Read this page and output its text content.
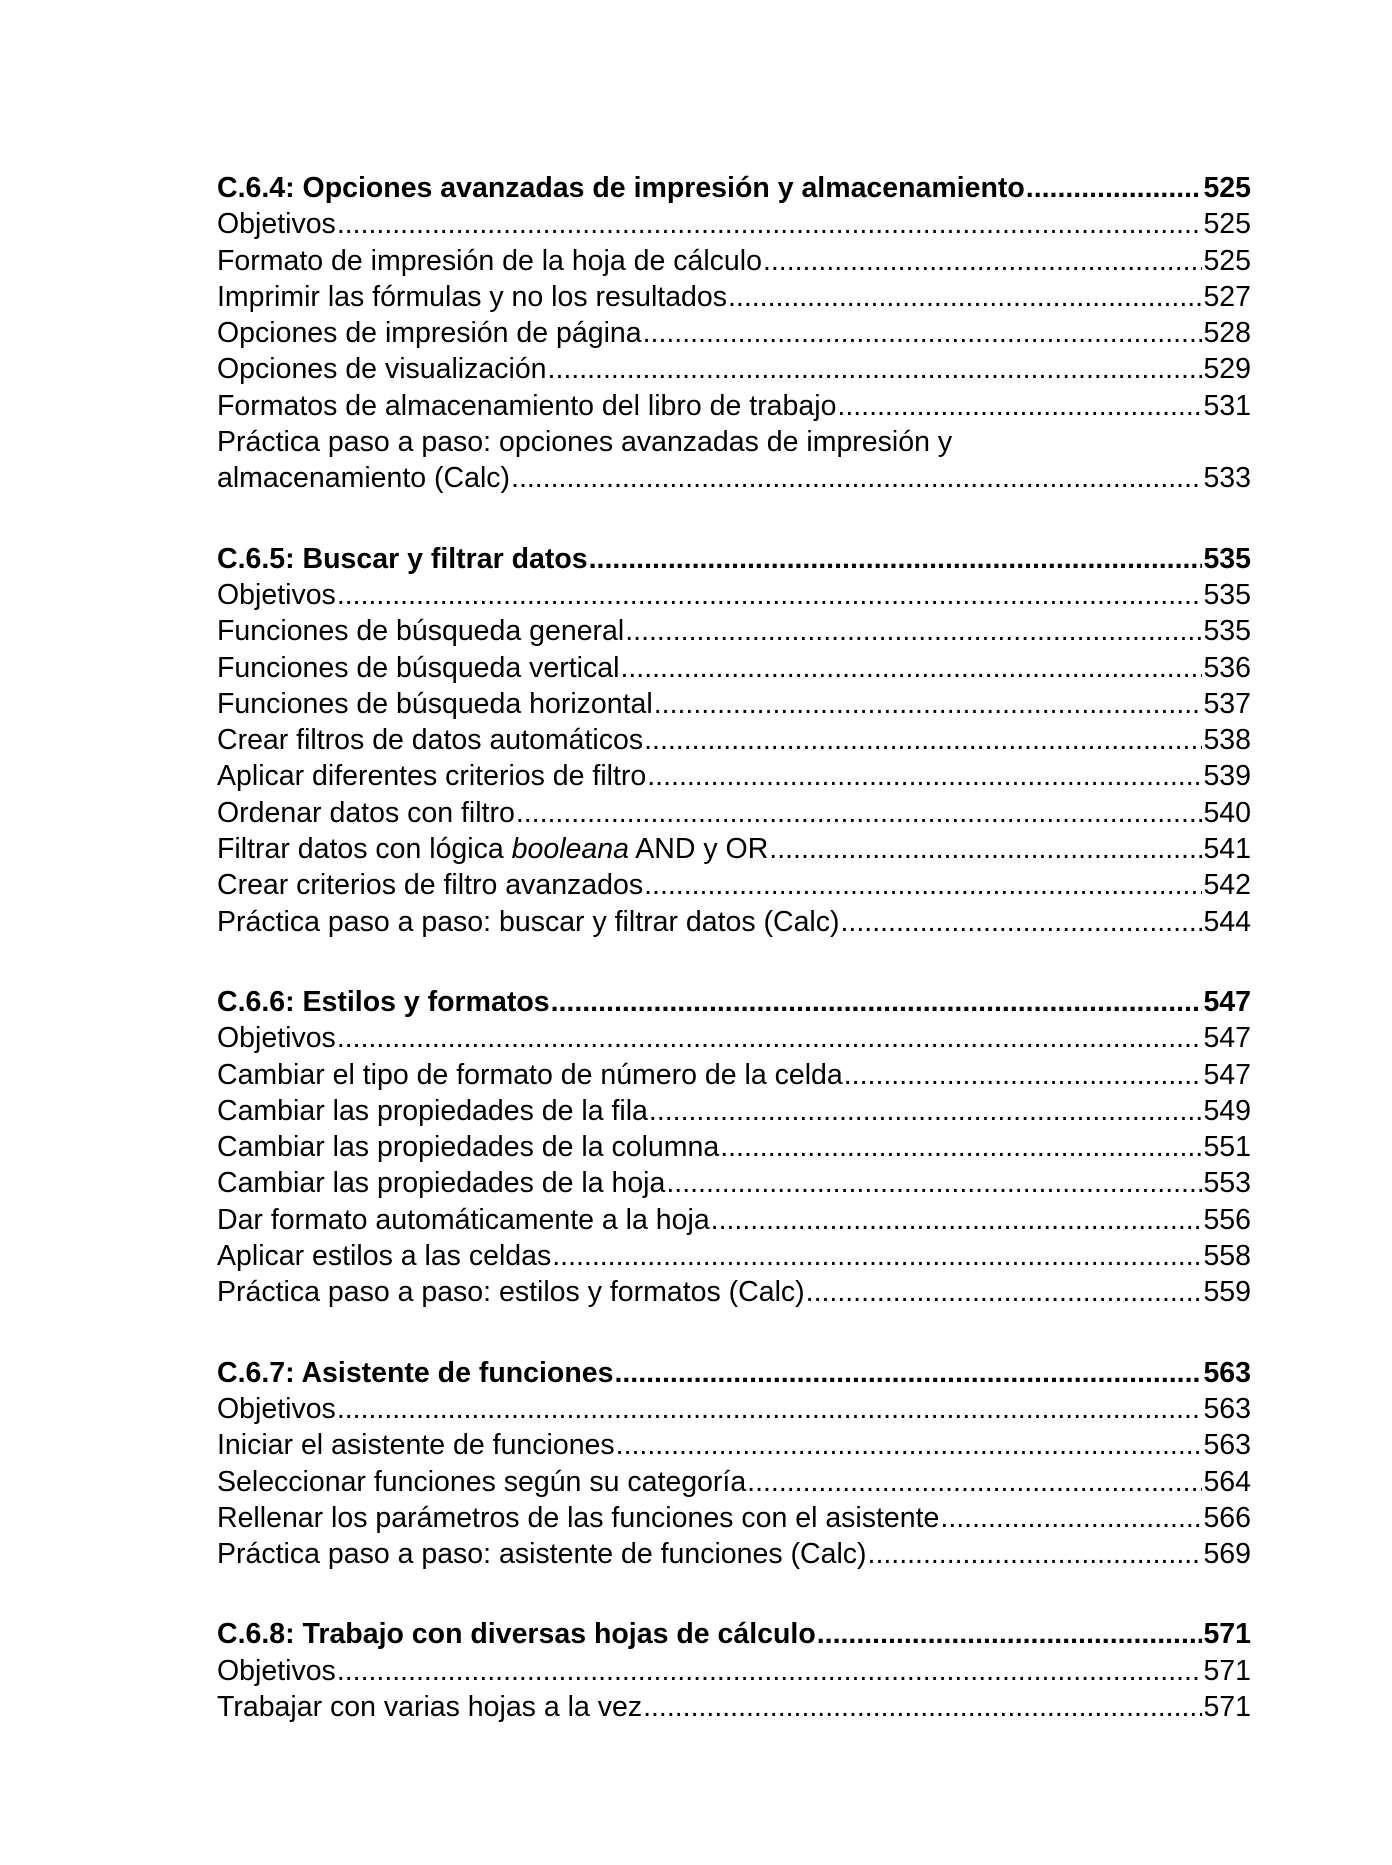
C.6.4: Opciones avanzadas de impresión y almacenamiento .....	525
Objetivos .....	525
Formato de impresión de la hoja de cálculo .....	525
Imprimir las fórmulas y no los resultados .....	527
Opciones de impresión de página .....	528
Opciones de visualización .....	529
Formatos de almacenamiento del libro de trabajo .....	531
Práctica paso a paso: opciones avanzadas de impresión y
almacenamiento (Calc) .....	533
C.6.5: Buscar y filtrar datos .....	535
Objetivos .....	535
Funciones de búsqueda general .....	535
Funciones de búsqueda vertical .....	536
Funciones de búsqueda horizontal .....	537
Crear filtros de datos automáticos .....	538
Aplicar diferentes criterios de filtro .....	539
Ordenar datos con filtro .....	540
Filtrar datos con lógica booleana AND y OR .....	541
Crear criterios de filtro avanzados .....	542
Práctica paso a paso: buscar y filtrar datos (Calc) .....	544
C.6.6: Estilos y formatos .....	547
Objetivos .....	547
Cambiar el tipo de formato de número de la celda .....	547
Cambiar las propiedades de la fila .....	549
Cambiar las propiedades de la columna .....	551
Cambiar las propiedades de la hoja .....	553
Dar formato automáticamente a la hoja .....	556
Aplicar estilos a las celdas .....	558
Práctica paso a paso: estilos y formatos (Calc) .....	559
C.6.7: Asistente de funciones .....	563
Objetivos .....	563
Iniciar el asistente de funciones .....	563
Seleccionar funciones según su categoría .....	564
Rellenar los parámetros de las funciones con el asistente .....	566
Práctica paso a paso: asistente de funciones (Calc) .....	569
C.6.8: Trabajo con diversas hojas de cálculo .....	571
Objetivos .....	571
Trabajar con varias hojas a la vez .....	571
